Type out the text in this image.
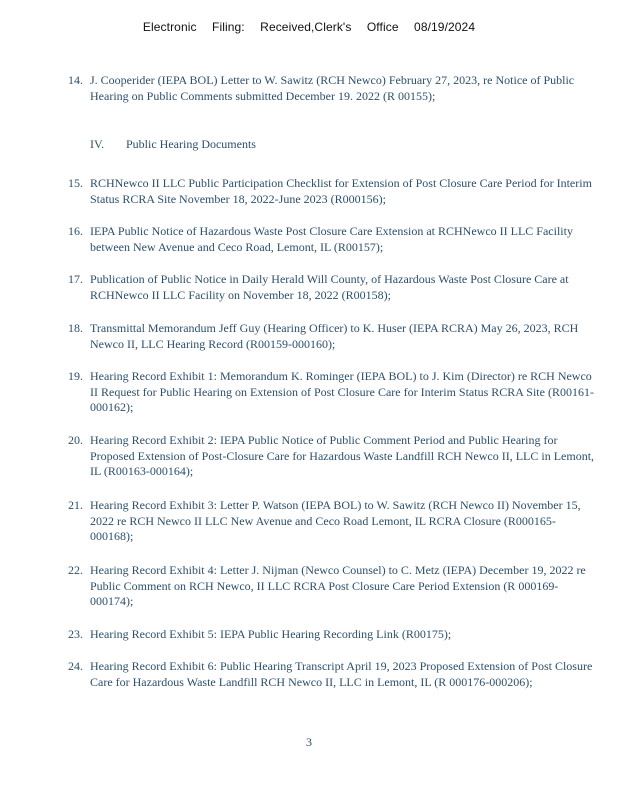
Electronic Filing: Received,Clerk's Office 08/19/2024
14. J. Cooperider (IEPA BOL) Letter to W. Sawitz (RCH Newco) February 27, 2023, re Notice of Public Hearing on Public Comments submitted December 19. 2022 (R 00155);
IV. Public Hearing Documents
15. RCHNewco II LLC Public Participation Checklist for Extension of Post Closure Care Period for Interim Status RCRA Site November 18, 2022-June 2023 (R000156);
16. IEPA Public Notice of Hazardous Waste Post Closure Care Extension at RCHNewco II LLC Facility between New Avenue and Ceco Road, Lemont, IL (R00157);
17. Publication of Public Notice in Daily Herald Will County, of Hazardous Waste Post Closure Care at RCHNewco II LLC Facility on November 18, 2022 (R00158);
18. Transmittal Memorandum Jeff Guy (Hearing Officer) to K. Huser (IEPA RCRA) May 26, 2023, RCH Newco II, LLC Hearing Record (R00159-000160);
19. Hearing Record Exhibit 1: Memorandum K. Rominger (IEPA BOL) to J. Kim (Director) re RCH Newco II Request for Public Hearing on Extension of Post Closure Care for Interim Status RCRA Site (R00161-000162);
20. Hearing Record Exhibit 2: IEPA Public Notice of Public Comment Period and Public Hearing for Proposed Extension of Post-Closure Care for Hazardous Waste Landfill RCH Newco II, LLC in Lemont, IL (R00163-000164);
21. Hearing Record Exhibit 3: Letter P. Watson (IEPA BOL) to W. Sawitz (RCH Newco II) November 15, 2022 re RCH Newco II LLC New Avenue and Ceco Road Lemont, IL RCRA Closure (R000165-000168);
22. Hearing Record Exhibit 4: Letter J. Nijman (Newco Counsel) to C. Metz (IEPA) December 19, 2022 re Public Comment on RCH Newco, II LLC RCRA Post Closure Care Period Extension (R 000169-000174);
23. Hearing Record Exhibit 5: IEPA Public Hearing Recording Link (R00175);
24. Hearing Record Exhibit 6: Public Hearing Transcript April 19, 2023 Proposed Extension of Post Closure Care for Hazardous Waste Landfill RCH Newco II, LLC in Lemont, IL (R 000176-000206);
3
